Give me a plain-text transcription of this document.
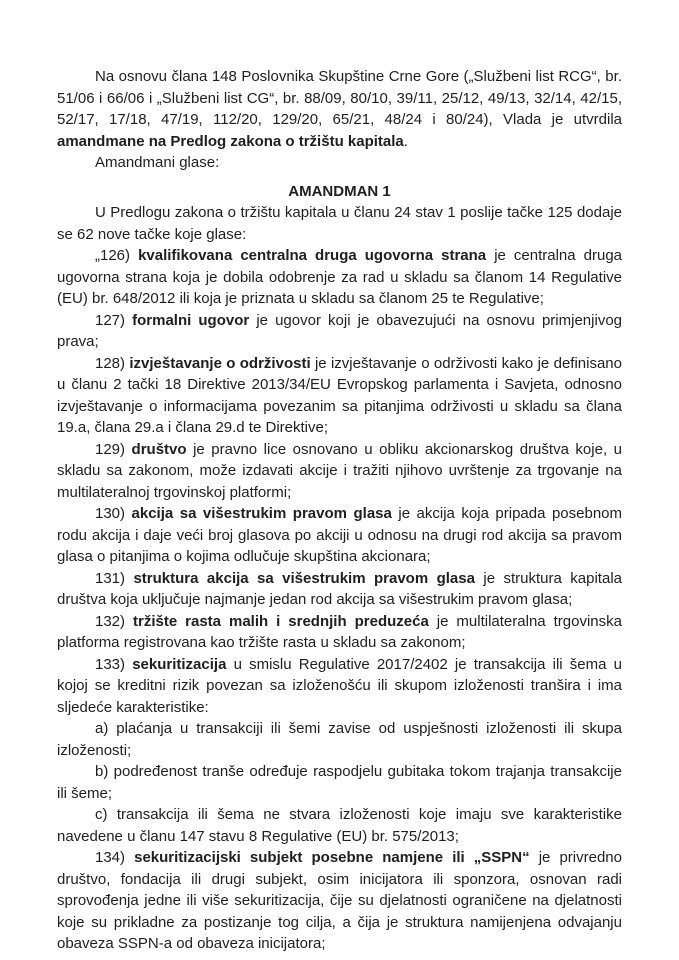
Na osnovu člana 148 Poslovnika Skupštine Crne Gore („Službeni list RCG“, br. 51/06 i 66/06 i „Službeni list CG“, br. 88/09, 80/10, 39/11, 25/12, 49/13, 32/14, 42/15, 52/17, 17/18, 47/19, 112/20, 129/20, 65/21, 48/24 i 80/24), Vlada je utvrdila amandmane na Predlog zakona o tržištu kapitala.

Amandmani glase:

AMANDMAN 1

U Predlogu zakona o tržištu kapitala u članu 24 stav 1 poslije tačke 125 dodaje se 62 nove tačke koje glase:

„126) kvalifikovana centralna druga ugovorna strana je centralna druga ugovorna strana koja je dobila odobrenje za rad u skladu sa članom 14 Regulative (EU) br. 648/2012 ili koja je priznata u skladu sa članom 25 te Regulative;

127) formalni ugovor je ugovor koji je obavezujući na osnovu primjenjivog prava;

128) izvještavanje o održivosti je izvještavanje o održivosti kako je definisano u članu 2 tački 18 Direktive 2013/34/EU Evropskog parlamenta i Savjeta, odnosno izvještavanje o informacijama povezanim sa pitanjima održivosti u skladu sa člana 19.a, člana 29.a i člana 29.d te Direktive;

129) društvo je pravno lice osnovano u obliku akcionarskog društva koje, u skladu sa zakonom, može izdavati akcije i tražiti njihovo uvrštenje za trgovanje na multilateralnoj trgovinskoj platformi;

130) akcija sa višestrukim pravom glasa je akcija koja pripada posebnom rodu akcija i daje veći broj glasova po akciji u odnosu na drugi rod akcija sa pravom glasa o pitanjima o kojima odlučuje skupština akcionara;

131) struktura akcija sa višestrukim pravom glasa je struktura kapitala društva koja uključuje najmanje jedan rod akcija sa višestrukim pravom glasa;

132) tržište rasta malih i srednjih preduzeća je multilateralna trgovinska platforma registrovana kao tržište rasta u skladu sa zakonom;

133) sekuritizacija u smislu Regulative 2017/2402 je transakcija ili šema u kojoj se kreditni rizik povezan sa izloženošću ili skupom izloženosti tranšira i ima sljedeće karakteristike:

a) plaćanja u transakciji ili šemi zavise od uspješnosti izloženosti ili skupa izloženosti;

b) podređenost tranše određuje raspodjelu gubitaka tokom trajanja transakcije ili šeme;

c) transakcija ili šema ne stvara izloženosti koje imaju sve karakteristike navedene u članu 147 stavu 8 Regulative (EU) br. 575/2013;

134) sekuritizacijski subjekt posebne namjene ili „SSPN“ je privredno društvo, fondacija ili drugi subjekt, osim inicijatora ili sponzora, osnovan radi sprovođenja jedne ili više sekuritizacija, čije su djelatnosti ograničene na djelatnosti koje su prikladne za postizanje tog cilja, a čija je struktura namijenjena odvajanju obaveza SSPN-a od obaveza inicijatora;
